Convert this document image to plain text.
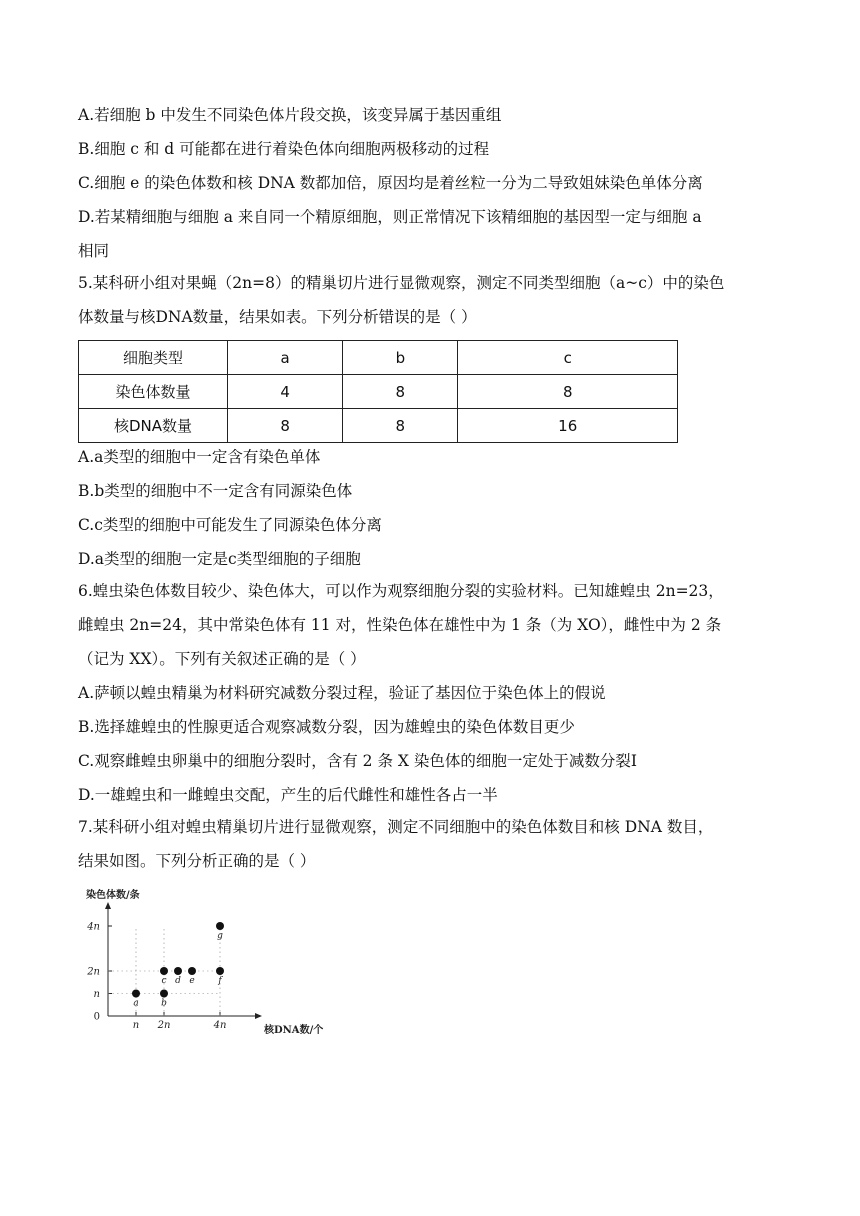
A.若细胞 b 中发生不同染色体片段交换，该变异属于基因重组
B.细胞 c 和 d 可能都在进行着染色体向细胞两极移动的过程
C.细胞 e 的染色体数和核 DNA 数都加倍，原因均是着丝粒一分为二导致姐妹染色单体分离
D.若某精细胞与细胞 a 来自同一个精原细胞，则正常情况下该精细胞的基因型一定与细胞 a
相同
5.某科研小组对果蝇（2n=8）的精巢切片进行显微观察，测定不同类型细胞（a~c）中的染色
体数量与核DNA数量，结果如表。下列分析错误的是（ ）
细胞类型	a	b	c
染色体数量	4	8	8
核DNA数量	8	8	16
A.a类型的细胞中一定含有染色单体
B.b类型的细胞中不一定含有同源染色体
C.c类型的细胞中可能发生了同源染色体分离
D.a类型的细胞一定是c类型细胞的子细胞
6.蝗虫染色体数目较少、染色体大，可以作为观察细胞分裂的实验材料。已知雄蝗虫 2n=23，
雌蝗虫 2n=24，其中常染色体有 11 对，性染色体在雄性中为 1 条（为 XO），雌性中为 2 条
（记为 XX）。下列有关叙述正确的是（ ）
A.萨顿以蝗虫精巢为材料研究减数分裂过程，验证了基因位于染色体上的假说
B.选择雄蝗虫的性腺更适合观察减数分裂，因为雄蝗虫的染色体数目更少
C.观察雌蝗虫卵巢中的细胞分裂时，含有 2 条 X 染色体的细胞一定处于减数分裂Ⅰ
D.一雄蝗虫和一雌蝗虫交配，产生的后代雌性和雄性各占一半
7.某科研小组对蝗虫精巢切片进行显微观察，测定不同细胞中的染色体数目和核 DNA 数目，
结果如图。下列分析正确的是（ ）
染色体数/条
核DNA数/个
0
n
2n
4n
n 2n	4n
a b
c d e	f
g
